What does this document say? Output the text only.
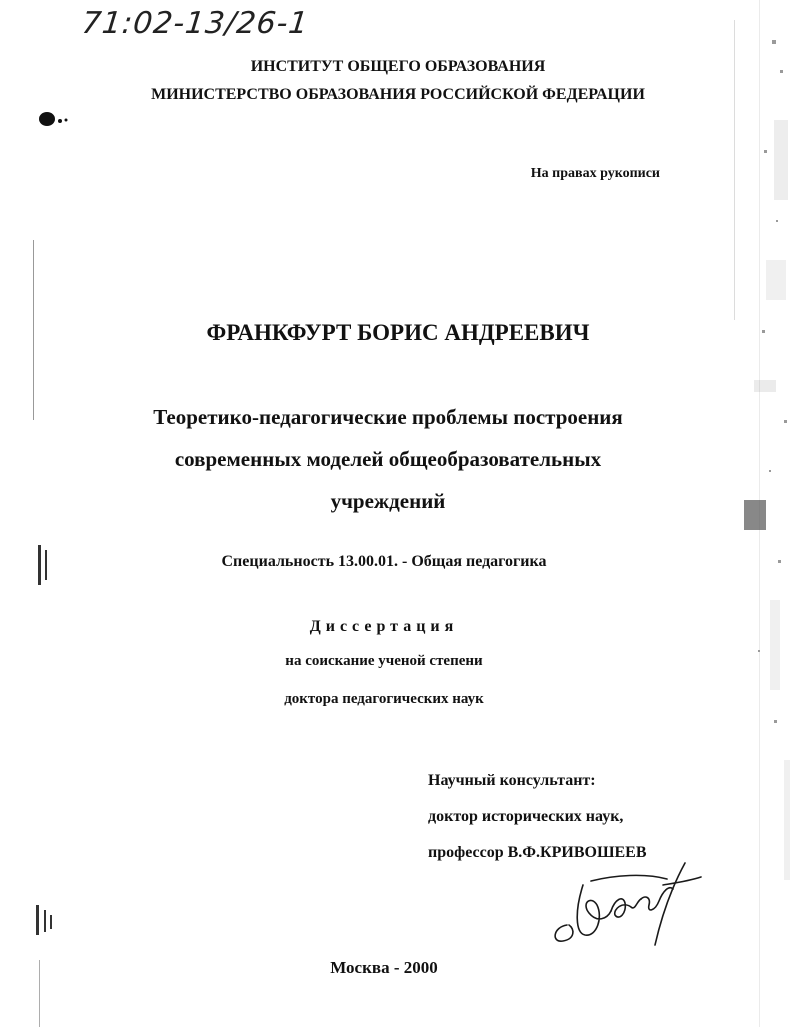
71:02-13/26-1
ИНСТИТУТ ОБЩЕГО ОБРАЗОВАНИЯ
МИНИСТЕРСТВО ОБРАЗОВАНИЯ РОССИЙСКОЙ ФЕДЕРАЦИИ
На правах рукописи
ФРАНКФУРТ БОРИС АНДРЕЕВИЧ
Теоретико-педагогические проблемы построения
современных моделей общеобразовательных
учреждений
Специальность 13.00.01. - Общая педагогика
Диссертация
на соискание ученой степени
доктора педагогических наук
Научный консультант:
доктор исторических наук,
профессор В.Ф.КРИВОШЕЕВ
Москва - 2000
